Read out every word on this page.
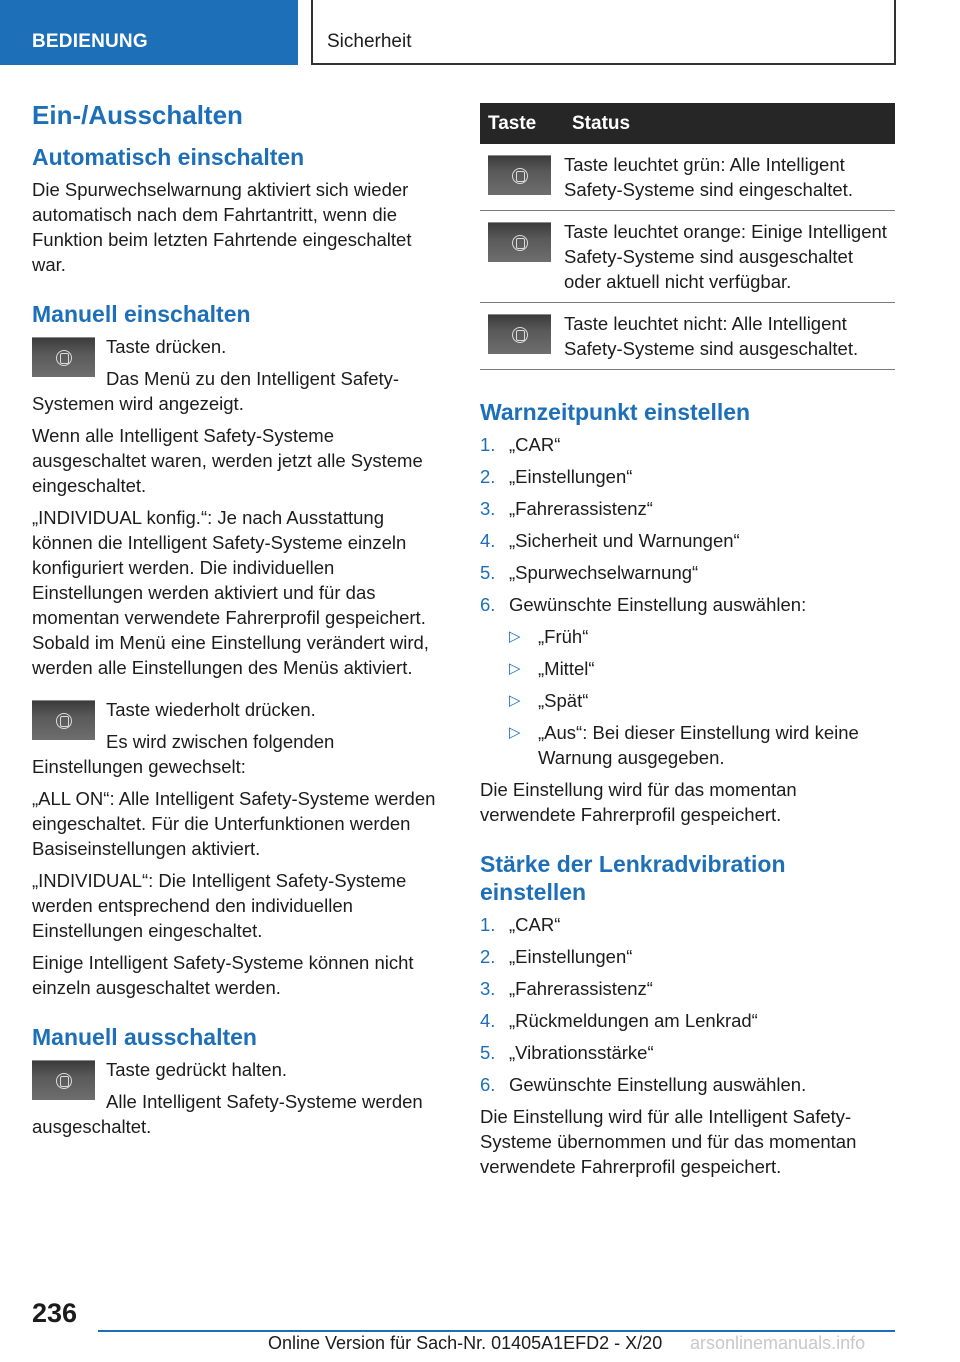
BEDIENUNG	Sicherheit
Ein-/Ausschalten
Automatisch einschalten

Die Spurwechselwarnung aktiviert sich wieder automatisch nach dem Fahrtantritt, wenn die Funktion beim letzten Fahrtende eingeschaltet war.

Manuell einschalten

Taste drücken.

Das Menü zu den Intelligent Safety-Systemen wird angezeigt.

Wenn alle Intelligent Safety-Systeme ausgeschaltet waren, werden jetzt alle Systeme eingeschaltet.

„INDIVIDUAL konfig.“: Je nach Ausstattung können die Intelligent Safety-Systeme einzeln konfiguriert werden. Die individuellen Einstellungen werden aktiviert und für das momentan verwendete Fahrerprofil gespeichert. Sobald im Menü eine Einstellung verändert wird, werden alle Einstellungen des Menüs aktiviert.

Taste wiederholt drücken.

Es wird zwischen folgenden Einstellungen gewechselt:

„ALL ON“: Alle Intelligent Safety-Systeme werden eingeschaltet. Für die Unterfunktionen werden Basiseinstellungen aktiviert.

„INDIVIDUAL“: Die Intelligent Safety-Systeme werden entsprechend den individuellen Einstellungen eingeschaltet.

Einige Intelligent Safety-Systeme können nicht einzeln ausgeschaltet werden.

Manuell ausschalten

Taste gedrückt halten.

Alle Intelligent Safety-Systeme werden ausgeschaltet.

Taste	Status

	Taste leuchtet grün: Alle Intelligent Safety-Systeme sind eingeschaltet.

	Taste leuchtet orange: Einige Intelligent Safety-Systeme sind ausgeschaltet oder aktuell nicht verfügbar.

	Taste leuchtet nicht: Alle Intelligent Safety-Systeme sind ausgeschaltet.
Warnzeitpunkt einstellen
1. „CAR“
2. „Einstellungen“
3. „Fahrerassistenz“
4. „Sicherheit und Warnungen“
5. „Spurwechselwarnung“
6. Gewünschte Einstellung auswählen:
▷ „Früh“
▷ „Mittel“
▷ „Spät“
▷ „Aus“: Bei dieser Einstellung wird keine Warnung ausgegeben.

Die Einstellung wird für das momentan verwendete Fahrerprofil gespeichert.

Stärke der Lenkradvibration einstellen
1. „CAR“
2. „Einstellungen“
3. „Fahrerassistenz“
4. „Rückmeldungen am Lenkrad“
5. „Vibrationsstärke“
6. Gewünschte Einstellung auswählen.

Die Einstellung wird für alle Intelligent Safety-Systeme übernommen und für das momentan verwendete Fahrerprofil gespeichert.

236
Online Version für Sach-Nr. 01405A1EFD2 - X/20 arsonlinemanuals.info
